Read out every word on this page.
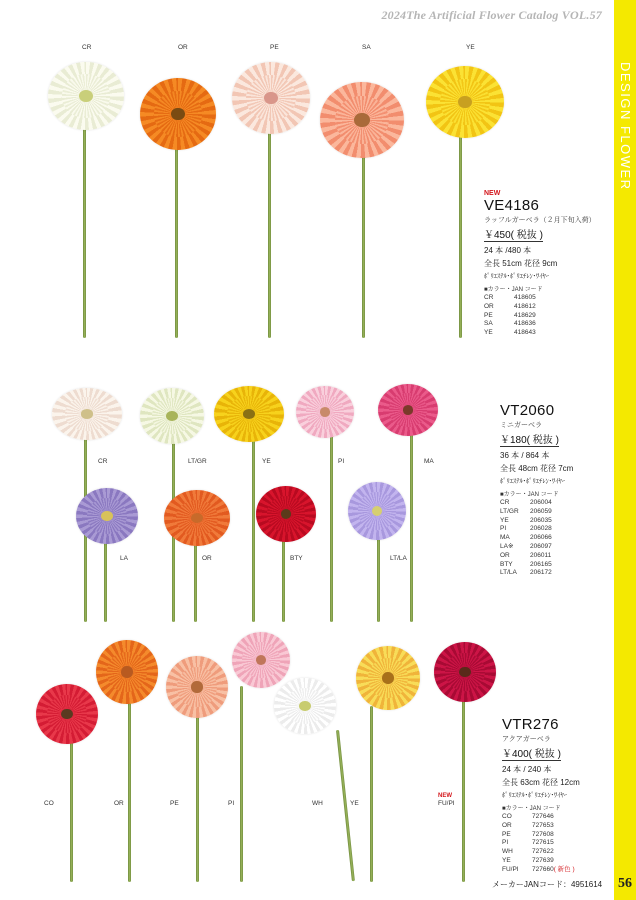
2024The Artificial Flower Catalog VOL.57
DESIGN FLOWER
56
メーカーJANコード：4951614
CR	OR	PE	SA	YE
NEW
VE4186
ラッフルガーベラ（２月下旬入荷）
￥450( 税抜 )
24 本 /480 本
全長 51cm 花径 9cm
ﾎﾟﾘｴｽﾃﾙ･ﾎﾟﾘｴﾁﾚﾝ･ﾜｲﾔｰ
■カラー・JAN コード
CR	418605
OR	418612
PE	418629
SA	418636
YE	418643
CR	LT/GR	YE	PI	MA
LA	OR	BTY	LT/LA
VT2060
ミニガーベラ
￥180( 税抜 )
36 本 / 864 本
全長 48cm 花径 7cm
ﾎﾟﾘｴｽﾃﾙ･ﾎﾟﾘｴﾁﾚﾝ･ﾜｲﾔｰ
■カラー・JAN コード
CR	206004
LT/GR	206059
YE	206035
PI	206028
MA	206066
LA※	206097
OR	206011
BTY	206165
LT/LA	206172
CO	OR	PE	PI	WH	YE
NEW
FU/PI
VTR276
アクアガーベラ
￥400( 税抜 )
24 本 / 240 本
全長 63cm 花径 12cm
ﾎﾟﾘｴｽﾃﾙ･ﾎﾟﾘｴﾁﾚﾝ･ﾜｲﾔｰ
■カラー・JAN コード
CO	727646
OR	727653
PE	727608
PI	727615
WH	727622
YE	727639
FU/PI	727660( 新色 )
